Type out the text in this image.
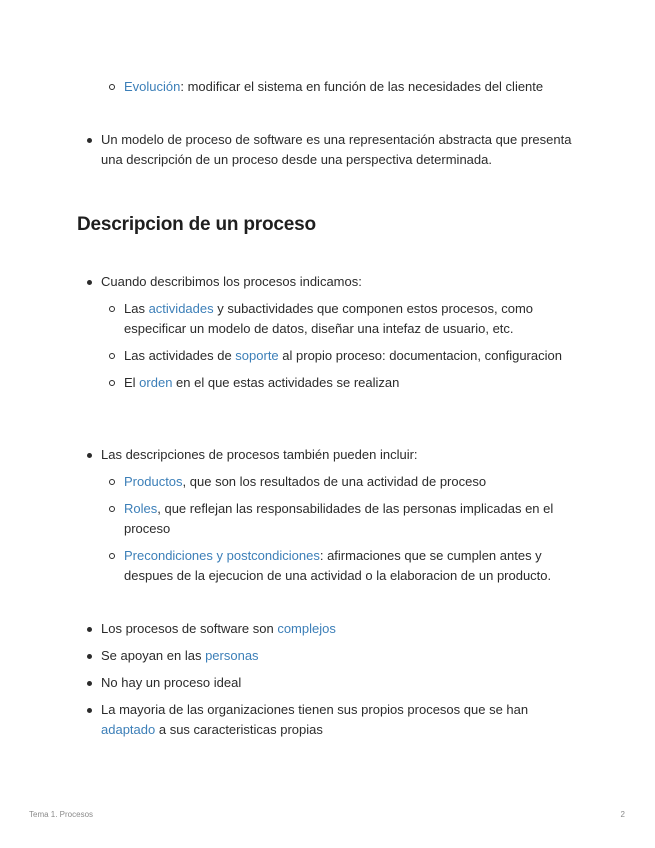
Evolución: modificar el sistema en función de las necesidades del cliente
Un modelo de proceso de software es una representación abstracta que presenta una descripción de un proceso desde una perspectiva determinada.
Descripcion de un proceso
Cuando describimos los procesos indicamos:
Las actividades y subactividades que componen estos procesos, como especificar un modelo de datos, diseñar una intefaz de usuario, etc.
Las actividades de soporte al propio proceso: documentacion, configuracion
El orden en el que estas actividades se realizan
Las descripciones de procesos también pueden incluir:
Productos, que son los resultados de una actividad de proceso
Roles, que reflejan las responsabilidades de las personas implicadas en el proceso
Precondiciones y postcondiciones: afirmaciones que se cumplen antes y despues de la ejecucion de una actividad o la elaboracion de un producto.
Los procesos de software son complejos
Se apoyan en las personas
No hay un proceso ideal
La mayoria de las organizaciones tienen sus propios procesos que se han adaptado a sus caracteristicas propias
Tema 1. Procesos	2
